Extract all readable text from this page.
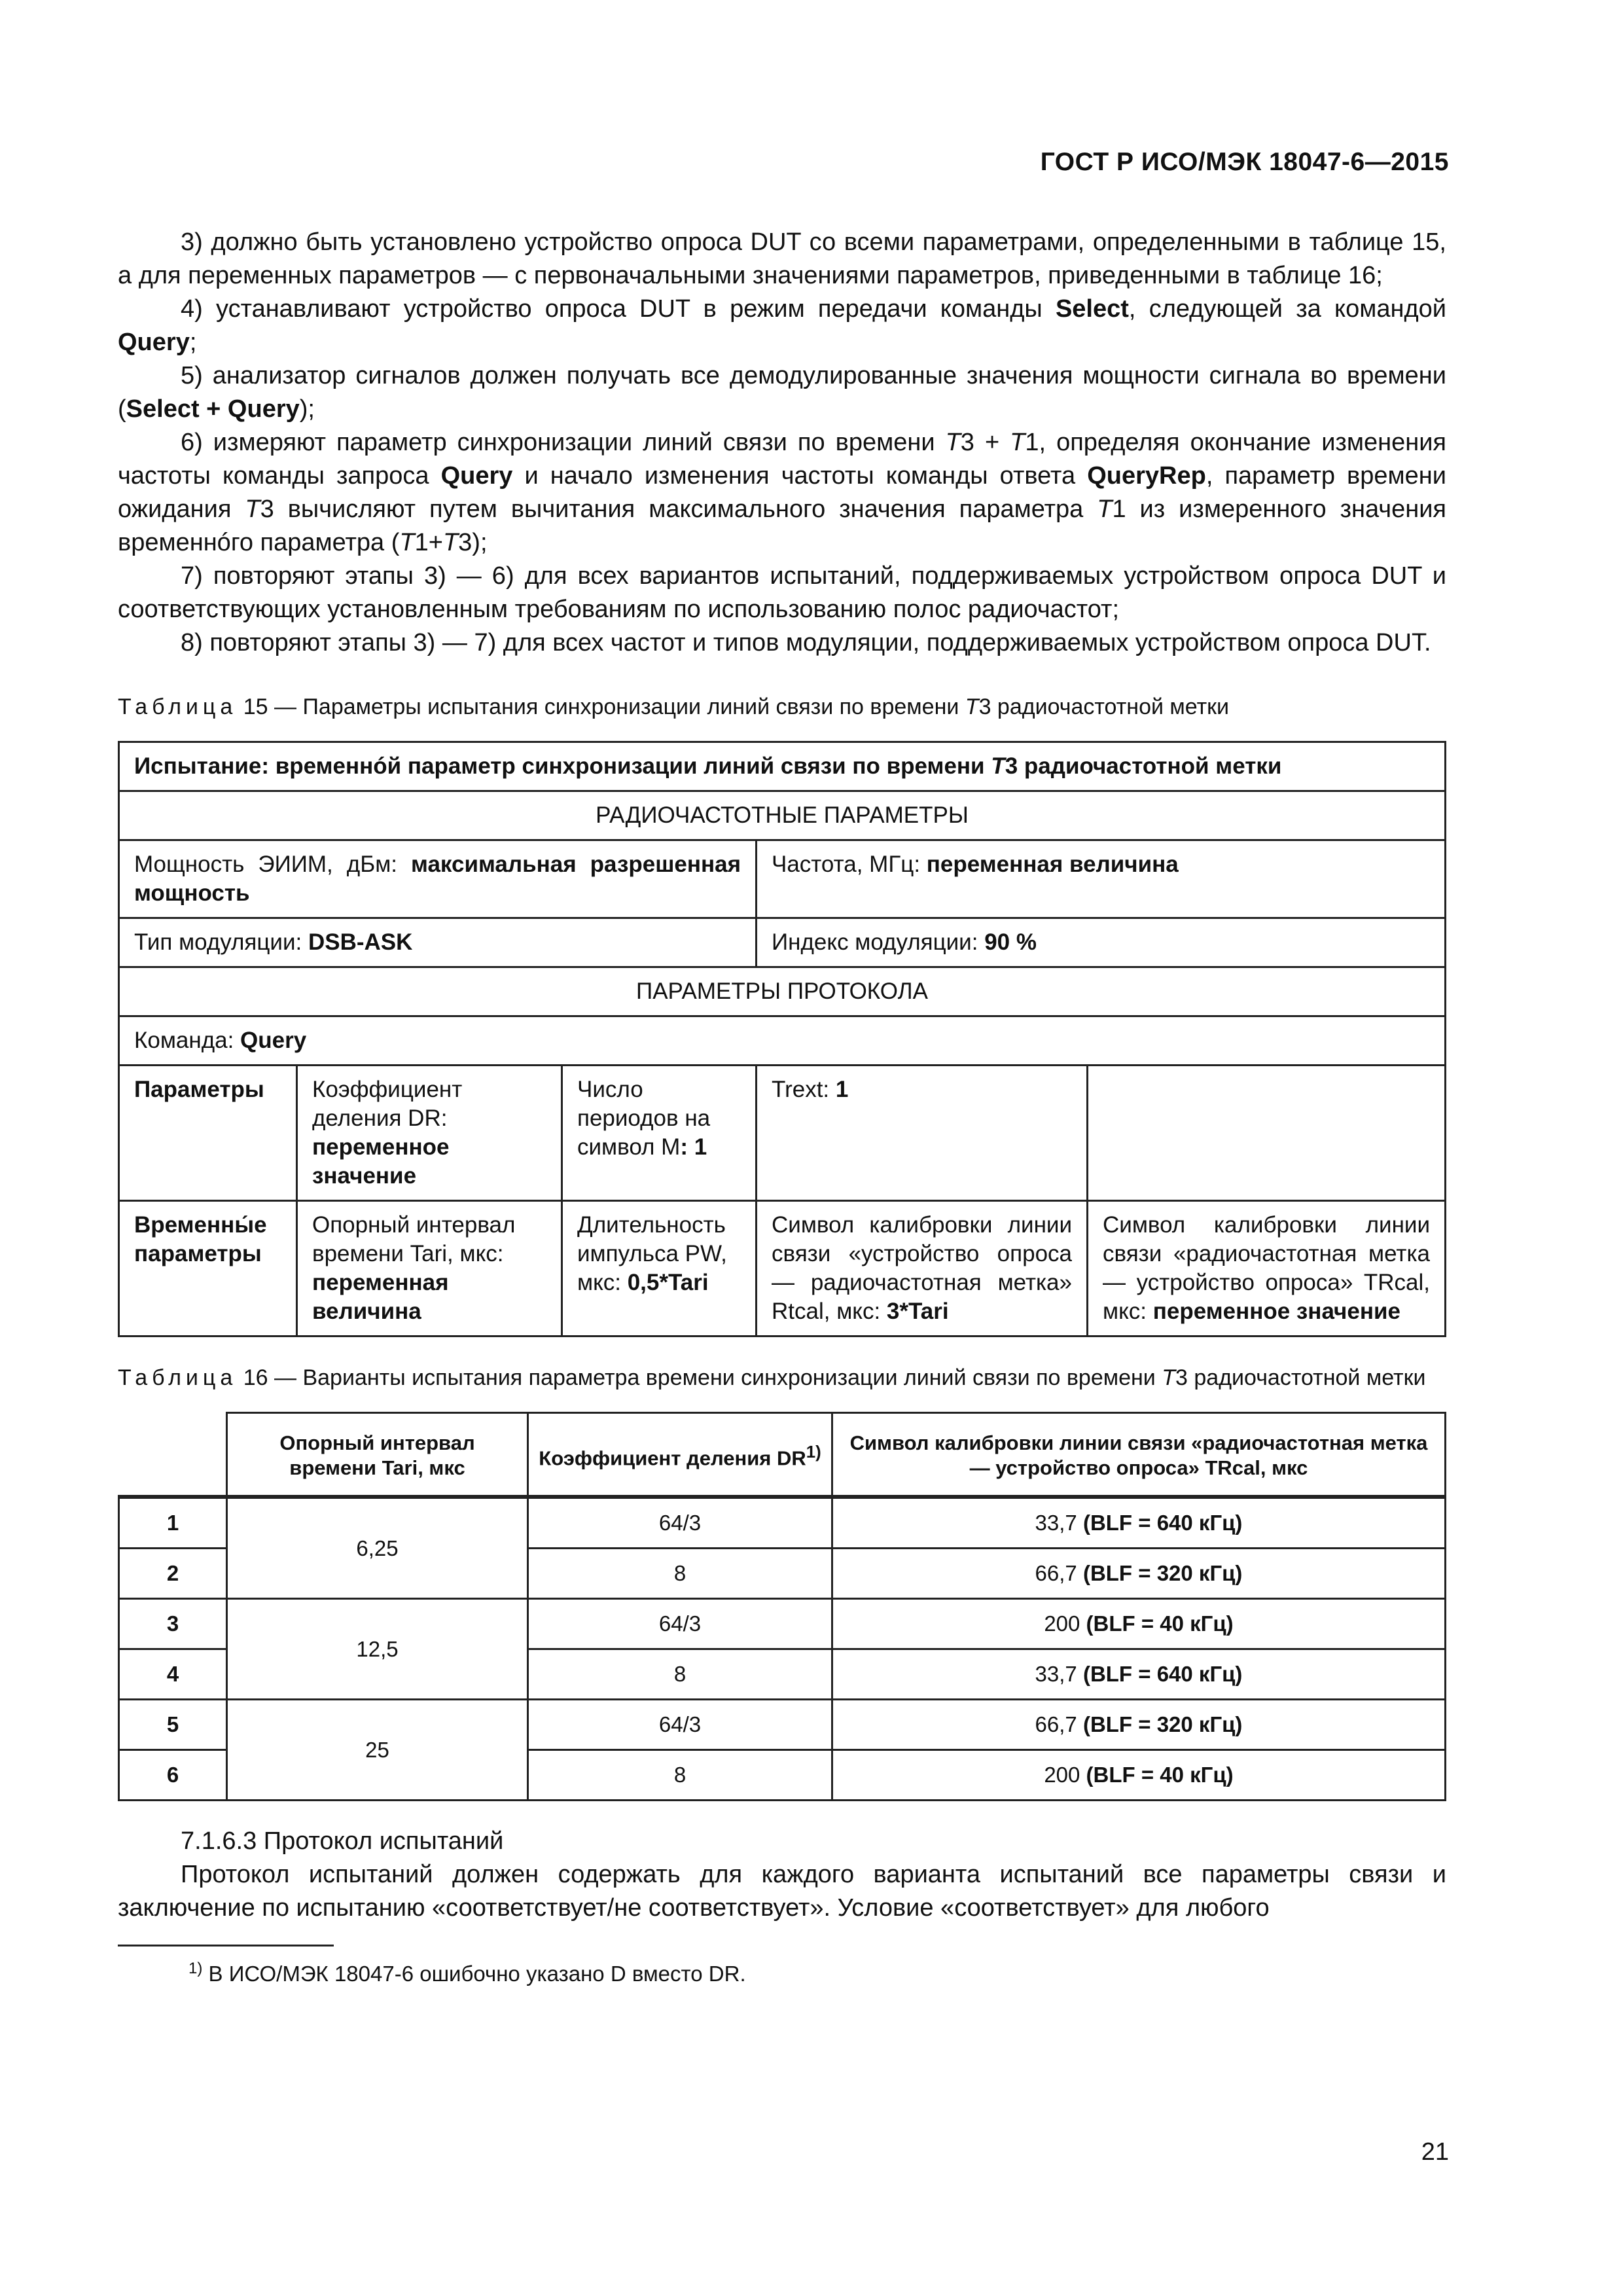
ГОСТ Р ИСО/МЭК 18047-6—2015

3) должно быть установлено устройство опроса DUT со всеми параметрами, определенными в таблице 15, а для переменных параметров — с первоначальными значениями параметров, приведенными в таблице 16;

4) устанавливают устройство опроса DUT в режим передачи команды Select, следующей за командой Query;

5) анализатор сигналов должен получать все демодулированные значения мощности сигнала во времени (Select + Query);

6) измеряют параметр синхронизации линий связи по времени T3 + T1, определяя окончание изменения частоты команды запроса Query и начало изменения частоты команды ответа QueryRep, параметр времени ожидания T3 вычисляют путем вычитания максимального значения параметра T1 из измеренного значения временнóго параметра (T1+T3);

7) повторяют этапы 3) — 6) для всех вариантов испытаний, поддерживаемых устройством опроса DUT и соответствующих установленным требованиям по использованию полос радиочастот;

8) повторяют этапы 3) — 7) для всех частот и типов модуляции, поддерживаемых устройством опроса DUT.

Таблица 15 — Параметры испытания синхронизации линий связи по времени T3 радиочастотной метки

Испытание: временнóй параметр синхронизации линий связи по времени T3 радиочастотной метки				
РАДИОЧАСТОТНЫЕ ПАРАМЕТРЫ				
Мощность ЭИИМ, дБм: максимальная разрешенная мощность			Частота, МГц: переменная величина	
Тип модуляции: DSB-ASK			Индекс модуляции: 90 %	
ПАРАМЕТРЫ ПРОТОКОЛА				
Команда: Query				
Параметры	Коэффициент деления DR: переменное значение	Число периодов на символ M: 1	Trext: 1	
Временны́е параметры	Опорный интервал времени Tari, мкс: переменная величина	Длительность импульса PW, мкс: 0,5*Tari	Символ калибровки линии связи «устройство опроса — радиочастотная метка» Rtcal, мкс: 3*Tari	Символ калибровки линии связи «радиочастотная метка — устройство опроса» TRcal, мкс: переменное значение

Таблица 16 — Варианты испытания параметра времени синхронизации линий связи по времени T3 радиочастотной метки

	Опорный интервал времени Tari, мкс	Коэффициент деления DR$^{1)}$	Символ калибровки линии связи «радиочастотная метка — устройство опроса» TRcal, мкс
1	6,25	64/3	33,7 (BLF = 640 кГц)
2		8	66,7 (BLF = 320 кГц)
3	12,5	64/3	200 (BLF = 40 кГц)
4		8	33,7 (BLF = 640 кГц)
5	25	64/3	66,7 (BLF = 320 кГц)
6		8	200 (BLF = 40 кГц)

7.1.6.3 Протокол испытаний

Протокол испытаний должен содержать для каждого варианта испытаний все параметры связи и заключение по испытанию «соответствует/не соответствует». Условие «соответствует» для любого

$^{1)}$ В ИСО/МЭК 18047-6 ошибочно указано D вместо DR.
21
